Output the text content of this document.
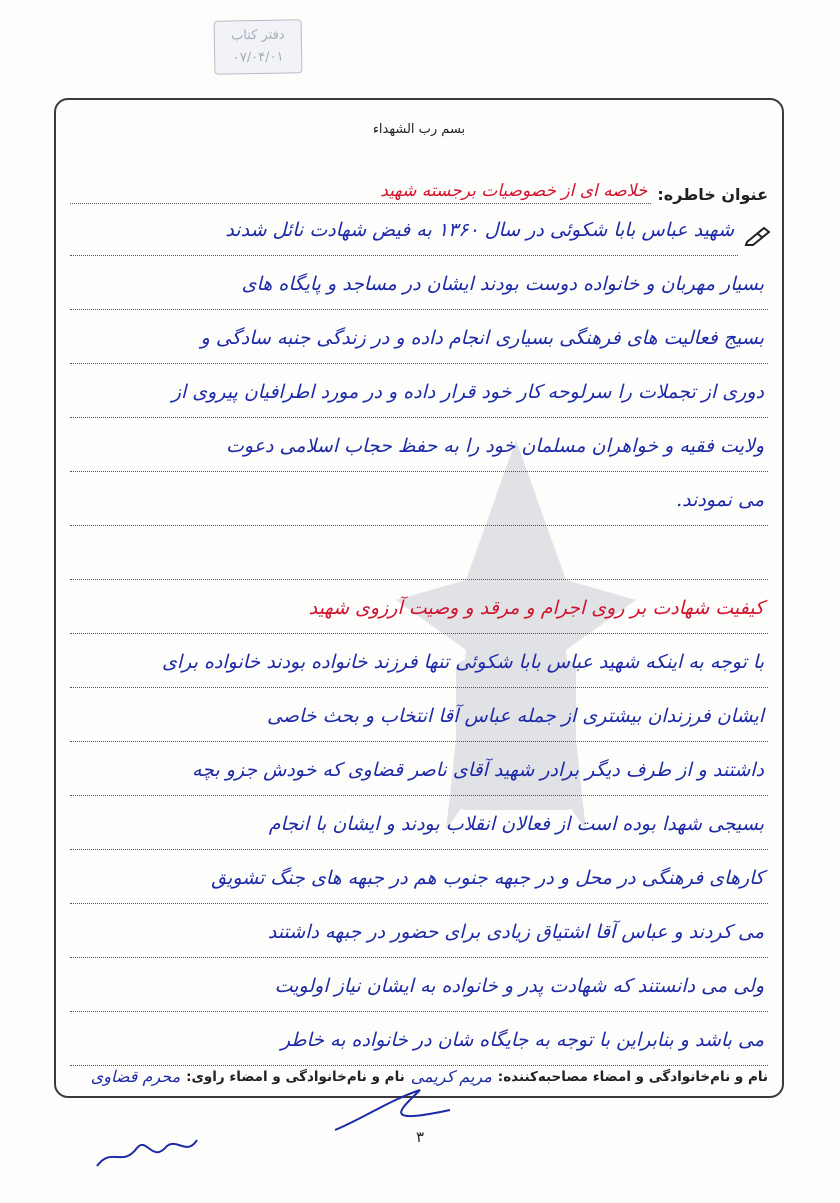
دفتر کتاب
۰۷/۰۴/۰۱
بسم رب الشهداء
عنوان خاطره:
خلاصه ای از خصوصیات برجسته شهید
شهید عباس بابا شکوئی در سال ۱۳۶۰ به فیض شهادت نائل شدند
بسیار مهربان و خانواده دوست بودند ایشان در مساجد و پایگاه های
بسیج فعالیت های فرهنگی بسیاری انجام داده و در زندگی جنبه سادگی و
دوری از تجملات را سرلوحه کار خود قرار داده و در مورد اطرافیان پیروی از
ولایت فقیه و خواهران مسلمان خود را به حفظ حجاب اسلامی دعوت
می نمودند.
کیفیت شهادت بر روی اجرام و مرقد و وصیت آرزوی شهید
با توجه به اینکه شهید عباس بابا شکوئی تنها فرزند خانواده بودند خانواده برای
ایشان فرزندان بیشتری از جمله عباس آقا انتخاب و بحث خاصی
داشتند و از طرف دیگر برادر شهید آقای ناصر قضاوی که خودش جزو بچه
بسیجی شهدا بوده است از فعالان انقلاب بودند و ایشان با انجام
کارهای فرهنگی در محل و در جبهه جنوب هم در جبهه های جنگ تشویق
می کردند و عباس آقا اشتیاق زیادی برای حضور در جبهه داشتند
ولی می دانستند که شهادت پدر و خانواده به ایشان نیاز اولویت
می باشد و بنابراین با توجه به جایگاه شان در خانواده به خاطر
نام و نام‌خانوادگی و امضاء مصاحبه‌کننده:
مریم کریمی
نام و نام‌خانوادگی و امضاء راوی:
محرم قضاوی
۳
